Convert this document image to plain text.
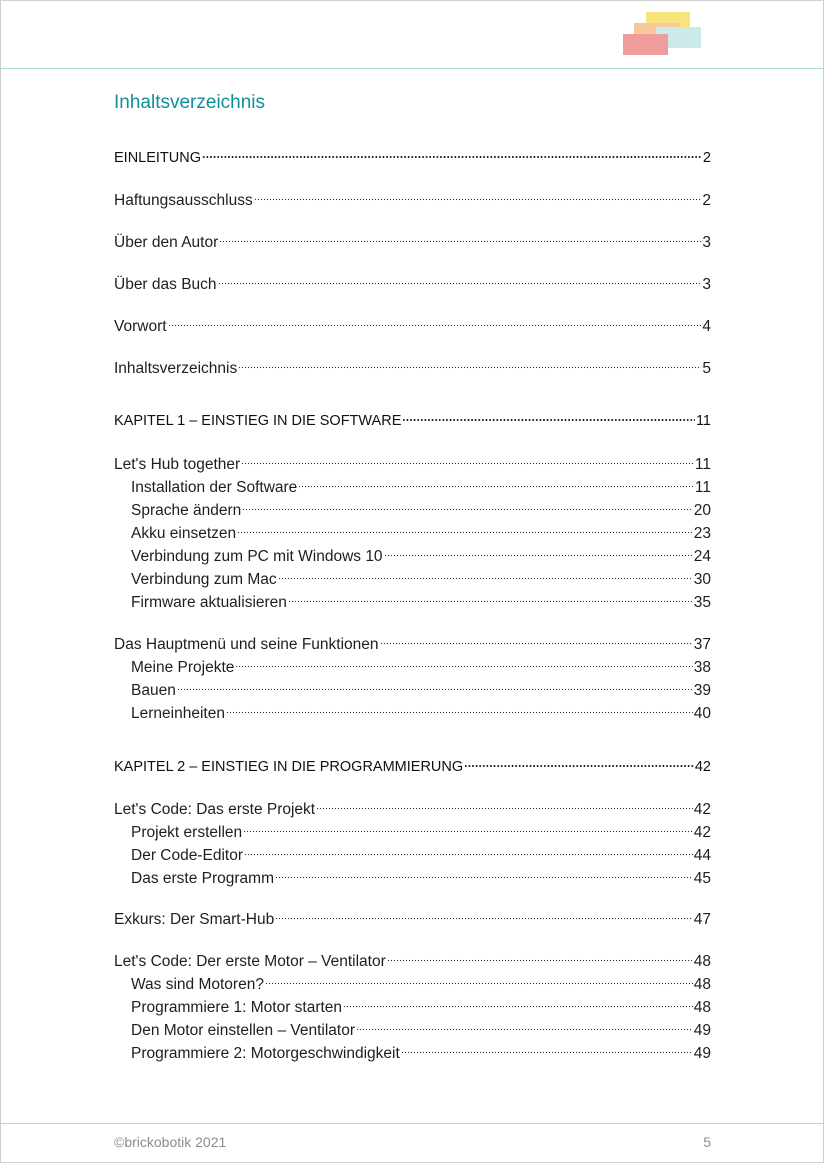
Inhaltsverzeichnis
EINLEITUNG	2
Haftungsausschluss	2
Über den Autor	3
Über das Buch	3
Vorwort	4
Inhaltsverzeichnis	5
KAPITEL 1 – EINSTIEG IN DIE SOFTWARE	11
Let's Hub together	11
Installation der Software	11
Sprache ändern	20
Akku einsetzen	23
Verbindung zum PC mit Windows 10	24
Verbindung zum Mac	30
Firmware aktualisieren	35
Das Hauptmenü und seine Funktionen	37
Meine Projekte	38
Bauen	39
Lerneinheiten	40
KAPITEL 2 – EINSTIEG IN DIE PROGRAMMIERUNG	42
Let's Code: Das erste Projekt	42
Projekt erstellen	42
Der Code-Editor	44
Das erste Programm	45
Exkurs: Der Smart-Hub	47
Let's Code: Der erste Motor – Ventilator	48
Was sind Motoren?	48
Programmiere 1: Motor starten	48
Den Motor einstellen – Ventilator	49
Programmiere 2: Motorgeschwindigkeit	49
©brickobotik 2021	5
